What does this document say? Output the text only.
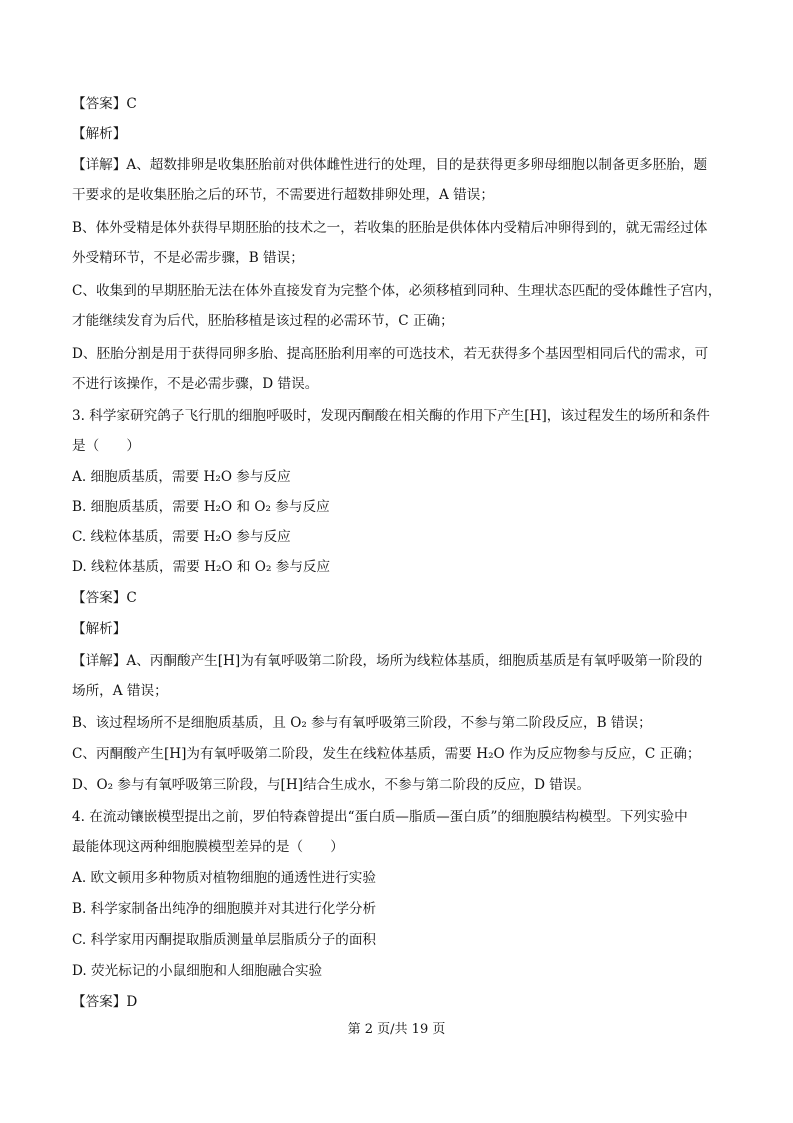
【答案】C
【解析】
【详解】A、超数排卵是收集胚胎前对供体雌性进行的处理，目的是获得更多卵母细胞以制备更多胚胎，题
干要求的是收集胚胎之后的环节，不需要进行超数排卵处理，A 错误；
B、体外受精是体外获得早期胚胎的技术之一，若收集的胚胎是供体体内受精后冲卵得到的，就无需经过体
外受精环节，不是必需步骤，B 错误；
C、收集到的早期胚胎无法在体外直接发育为完整个体，必须移植到同种、生理状态匹配的受体雌性子宫内，
才能继续发育为后代，胚胎移植是该过程的必需环节，C 正确；
D、胚胎分割是用于获得同卵多胎、提高胚胎利用率的可选技术，若无获得多个基因型相同后代的需求，可
不进行该操作，不是必需步骤，D 错误。
3. 科学家研究鸽子飞行肌的细胞呼吸时，发现丙酮酸在相关酶的作用下产生[H]，该过程发生的场所和条件
是（　　）
A. 细胞质基质，需要 H₂O 参与反应
B. 细胞质基质，需要 H₂O 和 O₂ 参与反应
C. 线粒体基质，需要 H₂O 参与反应
D. 线粒体基质，需要 H₂O 和 O₂ 参与反应
【答案】C
【解析】
【详解】A、丙酮酸产生[H]为有氧呼吸第二阶段，场所为线粒体基质，细胞质基质是有氧呼吸第一阶段的
场所，A 错误；
B、该过程场所不是细胞质基质，且 O₂ 参与有氧呼吸第三阶段，不参与第二阶段反应，B 错误；
C、丙酮酸产生[H]为有氧呼吸第二阶段，发生在线粒体基质，需要 H₂O 作为反应物参与反应，C 正确；
D、O₂ 参与有氧呼吸第三阶段，与[H]结合生成水，不参与第二阶段的反应，D 错误。
4. 在流动镶嵌模型提出之前，罗伯特森曾提出“蛋白质—脂质—蛋白质”的细胞膜结构模型。下列实验中
最能体现这两种细胞膜模型差异的是（　　）
A. 欧文顿用多种物质对植物细胞的通透性进行实验
B. 科学家制备出纯净的细胞膜并对其进行化学分析
C. 科学家用丙酮提取脂质测量单层脂质分子的面积
D. 荧光标记的小鼠细胞和人细胞融合实验
【答案】D
第 2 页/共 19 页
